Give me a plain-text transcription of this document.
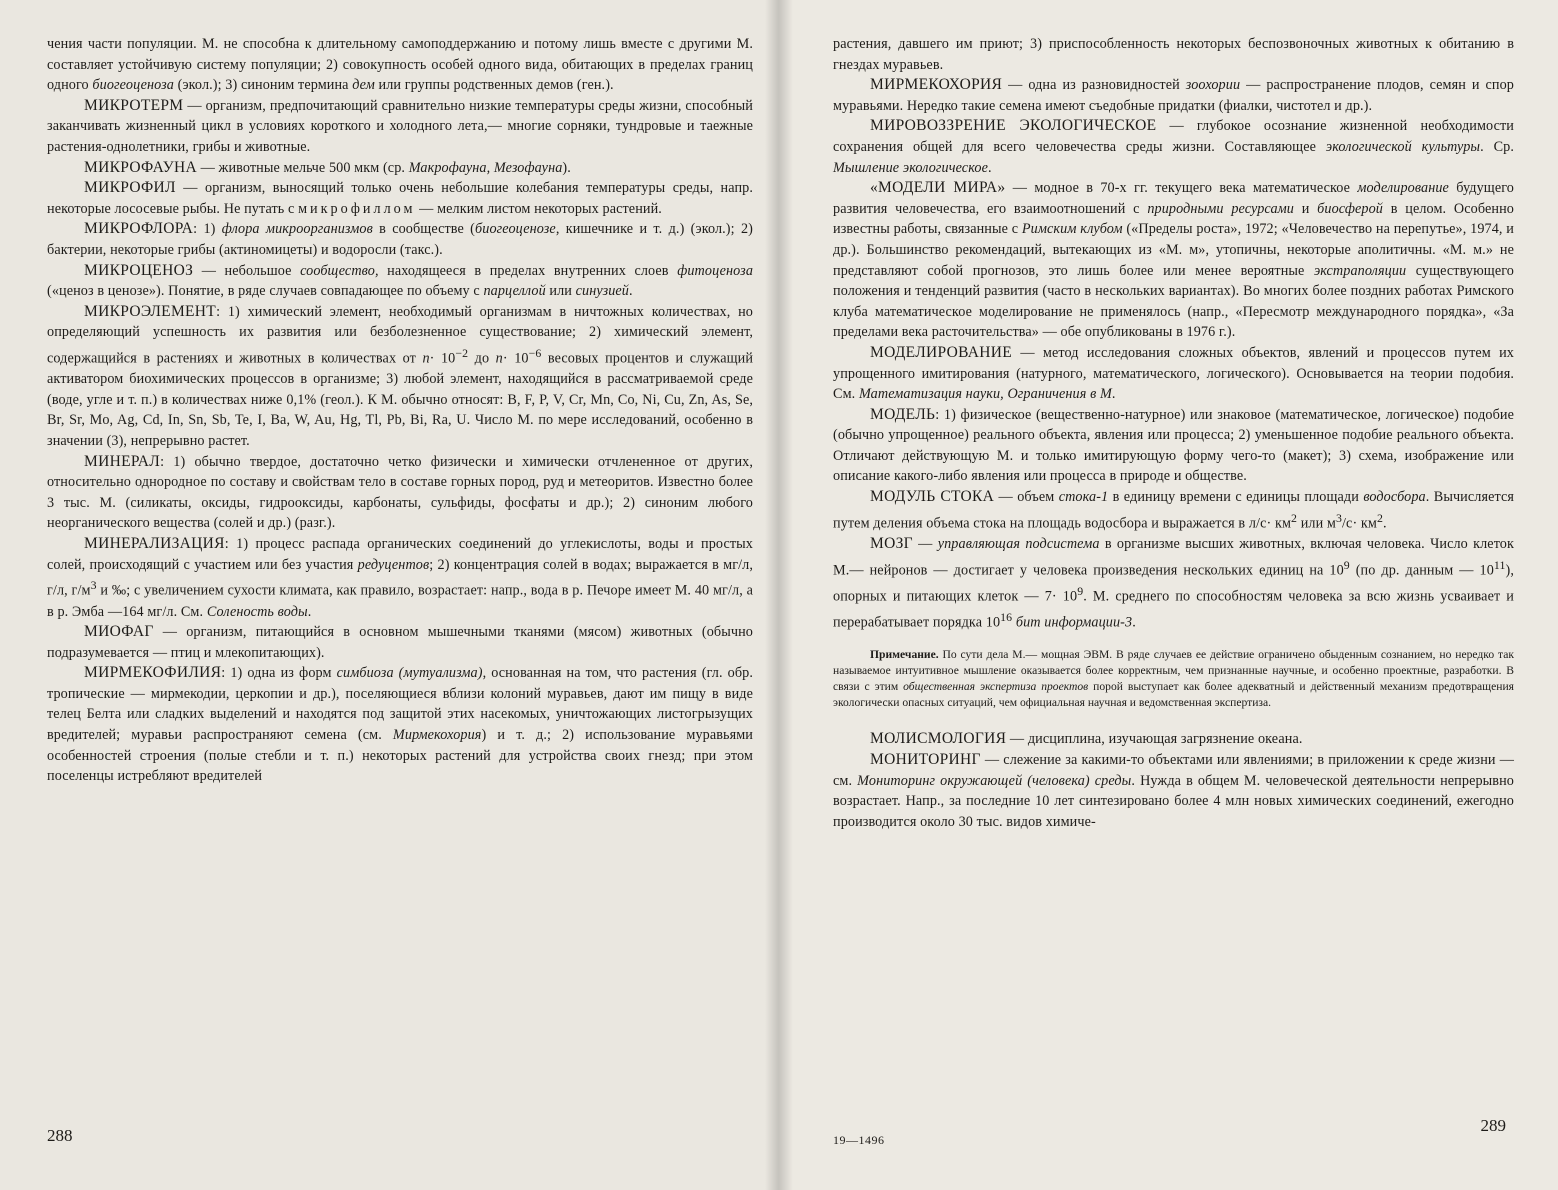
чения части популяции. М. не способна к длительному самоподдержанию и потому лишь вместе с другими М. составляет устойчивую систему популяции; 2) совокупность особей одного вида, обитающих в пределах границ одного биогеоценоза (экол.); 3) синоним термина дем или группы родственных демов (ген.).

МИКРОТЕРМ — организм, предпочитающий сравнительно низкие температуры среды жизни, способный заканчивать жизненный цикл в условиях короткого и холодного лета,— многие сорняки, тундровые и таежные растения-однолетники, грибы и животные.

МИКРОФАУНА — животные мельче 500 мкм (ср. Макрофауна, Мезофауна).

МИКРОФИЛ — организм, выносящий только очень небольшие колебания температуры среды, напр. некоторые лососевые рыбы. Не путать с микрофиллом — мелким листом некоторых растений.

МИКРОФЛОРА: 1) флора микроорганизмов в сообществе (биогеоценозе, кишечнике и т. д.) (экол.); 2) бактерии, некоторые грибы (актиномицеты) и водоросли (такс.).

МИКРОЦЕНОЗ — небольшое сообщество, находящееся в пределах внутренних слоев фитоценоза («ценоз в ценозе»). Понятие, в ряде случаев совпадающее по объему с парцеллой или синузией.

МИКРОЭЛЕМЕНТ: 1) химический элемент, необходимый организмам в ничтожных количествах, но определяющий успешность их развития или безболезненное существование; 2) химический элемент, содержащийся в растениях и животных в количествах от $n\cdot 10^{-2}$ до $n\cdot 10^{-6}$ весовых процентов и служащий активатором биохимических процессов в организме; 3) любой элемент, находящийся в рассматриваемой среде (воде, угле и т. п.) в количествах ниже 0,1% (геол.). К М. обычно относят: B, F, P, V, Cr, Mn, Co, Ni, Cu, Zn, As, Se, Br, Sr, Mo, Ag, Cd, In, Sn, Sb, Te, I, Ba, W, Au, Hg, Tl, Pb, Bi, Ra, U. Число М. по мере исследований, особенно в значении (3), непрерывно растет.

МИНЕРАЛ: 1) обычно твердое, достаточно четко физически и химически отчлененное от других, относительно однородное по составу и свойствам тело в составе горных пород, руд и метеоритов. Известно более 3 тыс. М. (силикаты, оксиды, гидрооксиды, карбонаты, сульфиды, фосфаты и др.); 2) синоним любого неорганического вещества (солей и др.) (разг.).

МИНЕРАЛИЗАЦИЯ: 1) процесс распада органических соединений до углекислоты, воды и простых солей, происходящий с участием или без участия редуцентов; 2) концентрация солей в водах; выражается в мг/л, г/л, $г/м^3$ и ‰; с увеличением сухости климата, как правило, возрастает: напр., вода в р. Печоре имеет М. 40 мг/л, а в р. Эмба —164 мг/л. См. Соленость воды.

МИОФАГ — организм, питающийся в основном мышечными тканями (мясом) животных (обычно подразумевается — птиц и млекопитающих).

МИРМЕКОФИЛИЯ: 1) одна из форм симбиоза (мутуализма), основанная на том, что растения (гл. обр. тропические — мирмекодии, церкопии и др.), поселяющиеся вблизи колоний муравьев, дают им пищу в виде телец Белта или сладких выделений и находятся под защитой этих насекомых, уничтожающих листогрызущих вредителей; муравьи распространяют семена (см. Мирмекохория) и т. д.; 2) использование муравьями особенностей строения (полые стебли и т. п.) некоторых растений для устройства своих гнезд; при этом поселенцы истребляют вредителей

288

растения, давшего им приют; 3) приспособленность некоторых беспозвоночных животных к обитанию в гнездах муравьев.

МИРМЕКОХОРИЯ — одна из разновидностей зоохории — распространение плодов, семян и спор муравьями. Нередко такие семена имеют съедобные придатки (фиалки, чистотел и др.).

МИРОВОЗЗРЕНИЕ ЭКОЛОГИЧЕСКОЕ — глубокое осознание жизненной необходимости сохранения общей для всего человечества среды жизни. Составляющее экологической культуры. Ср. Мышление экологическое.

«МОДЕЛИ МИРА» — модное в 70-х гг. текущего века математическое моделирование будущего развития человечества, его взаимоотношений с природными ресурсами и биосферой в целом. Особенно известны работы, связанные с Римским клубом («Пределы роста», 1972; «Человечество на перепутье», 1974, и др.). Большинство рекомендаций, вытекающих из «М. м», утопичны, некоторые аполитичны. «М. м.» не представляют собой прогнозов, это лишь более или менее вероятные экстраполяции существующего положения и тенденций развития (часто в нескольких вариантах). Во многих более поздних работах Римского клуба математическое моделирование не применялось (напр., «Пересмотр международного порядка», «За пределами века расточительства» — обе опубликованы в 1976 г.).

МОДЕЛИРОВАНИЕ — метод исследования сложных объектов, явлений и процессов путем их упрощенного имитирования (натурного, математического, логического). Основывается на теории подобия. См. Математизация науки, Ограничения в М.

МОДЕЛЬ: 1) физическое (вещественно-натурное) или знаковое (математическое, логическое) подобие (обычно упрощенное) реального объекта, явления или процесса; 2) уменьшенное подобие реального объекта. Отличают действующую М. и только имитирующую форму чего-то (макет); 3) схема, изображение или описание какого-либо явления или процесса в природе и обществе.

МОДУЛЬ СТОКА — объем стока-1 в единицу времени с единицы площади водосбора. Вычисляется путем деления объема стока на площадь водосбора и выражается в $л/с\cdot км^2$ или $м^3/с\cdot км^2$.

МОЗГ — управляющая подсистема в организме высших животных, включая человека. Число клеток М.— нейронов — достигает у человека произведения нескольких единиц на $10^9$ (по др. данным — $10^{11}$), опорных и питающих клеток — $7\cdot 10^9$. М. среднего по способностям человека за всю жизнь усваивает и перерабатывает порядка $10^{16}$ бит информации-3.

Примечание. По сути дела М.— мощная ЭВМ. В ряде случаев ее действие ограничено обыденным сознанием, но нередко так называемое интуитивное мышление оказывается более корректным, чем признанные научные, и особенно проектные, разработки. В связи с этим общественная экспертиза проектов порой выступает как более адекватный и действенный механизм предотвращения экологически опасных ситуаций, чем официальная научная и ведомственная экспертиза.

МОЛИСМОЛОГИЯ — дисциплина, изучающая загрязнение океана.

МОНИТОРИНГ — слежение за какими-то объектами или явлениями; в приложении к среде жизни — см. Мониторинг окружающей (человека) среды. Нужда в общем М. человеческой деятельности непрерывно возрастает. Напр., за последние 10 лет синтезировано более 4 млн новых химических соединений, ежегодно производится около 30 тыс. видов химиче-

19—1496
289
